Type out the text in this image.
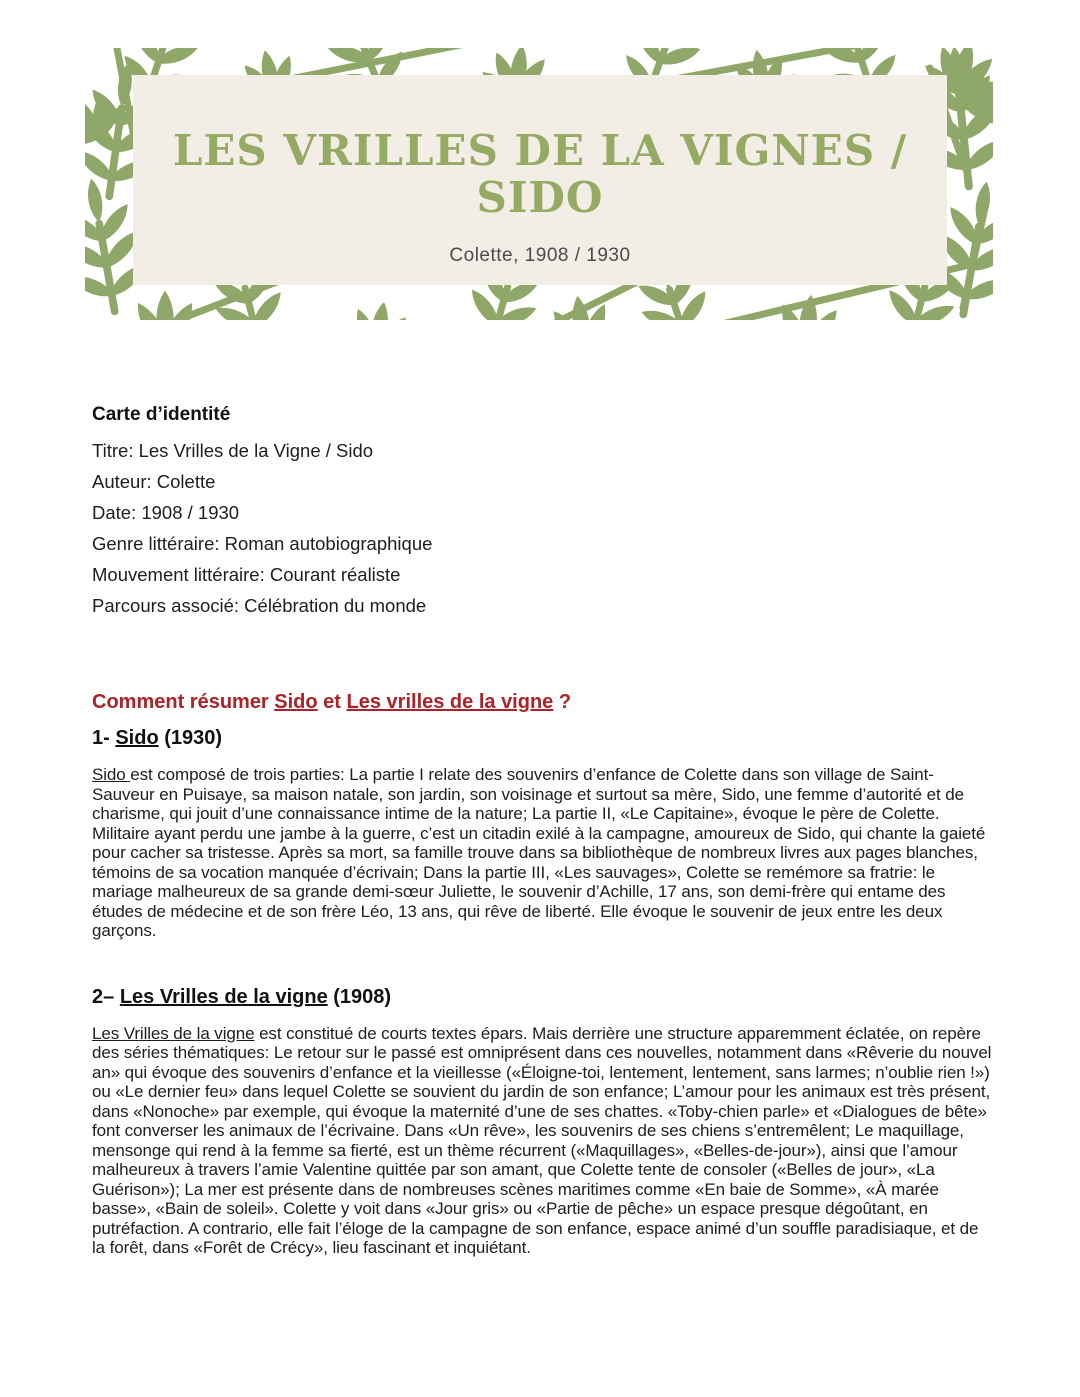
LES VRILLES DE LA VIGNES /
SIDO
Colette, 1908 / 1930
Carte d’identité
Titre: Les Vrilles de la Vigne / Sido
Auteur: Colette
Date: 1908 / 1930
Genre littéraire: Roman autobiographique
Mouvement littéraire: Courant réaliste
Parcours associé: Célébration du monde
Comment résumer Sido et Les vrilles de la vigne ?
1- Sido (1930)

Sido est composé de trois parties: La partie I relate des souvenirs d’enfance de Colette dans son village de Saint-Sauveur en Puisaye, sa maison natale, son jardin, son voisinage et surtout sa mère, Sido, une femme d’autorité et de charisme, qui jouit d’une connaissance intime de la nature; La partie II, «Le Capitaine», évoque le père de Colette. Militaire ayant perdu une jambe à la guerre, c’est un citadin exilé à la campagne, amoureux de Sido, qui chante la gaieté pour cacher sa tristesse. Après sa mort, sa famille trouve dans sa bibliothèque de nombreux livres aux pages blanches, témoins de sa vocation manquée d’écrivain; Dans la partie III, «Les sauvages», Colette se remémore sa fratrie: le mariage malheureux de sa grande demi-sœur Juliette, le souvenir d’Achille, 17 ans, son demi-frère qui entame des études de médecine et de son frère Léo, 13 ans, qui rêve de liberté. Elle évoque le souvenir de jeux entre les deux garçons.

2– Les Vrilles de la vigne (1908)

Les Vrilles de la vigne est constitué de courts textes épars. Mais derrière une structure apparemment éclatée, on repère des séries thématiques: Le retour sur le passé est omniprésent dans ces nouvelles, notamment dans «Rêverie du nouvel an» qui évoque des souvenirs d’enfance et la vieillesse («Éloigne-toi, lentement, lentement, sans larmes; n’oublie rien !») ou «Le dernier feu» dans lequel Colette se souvient du jardin de son enfance; L’amour pour les animaux est très présent, dans «Nonoche» par exemple, qui évoque la maternité d’une de ses chattes. «Toby-chien parle» et «Dialogues de bête» font converser les animaux de l’écrivaine. Dans «Un rêve», les souvenirs de ses chiens s’entremêlent; Le maquillage, mensonge qui rend à la femme sa fierté, est un thème récurrent («Maquillages», «Belles-de-jour»), ainsi que l’amour malheureux à travers l’amie Valentine quittée par son amant, que Colette tente de consoler («Belles de jour», «La Guérison»); La mer est présente dans de nombreuses scènes maritimes comme «En baie de Somme», «À marée basse», «Bain de soleil». Colette y voit dans «Jour gris» ou «Partie de pêche» un espace presque dégoûtant, en putréfaction. A contrario, elle fait l’éloge de la campagne de son enfance, espace animé d’un souffle paradisiaque, et de la forêt, dans «Forêt de Crécy», lieu fascinant et inquiétant.
